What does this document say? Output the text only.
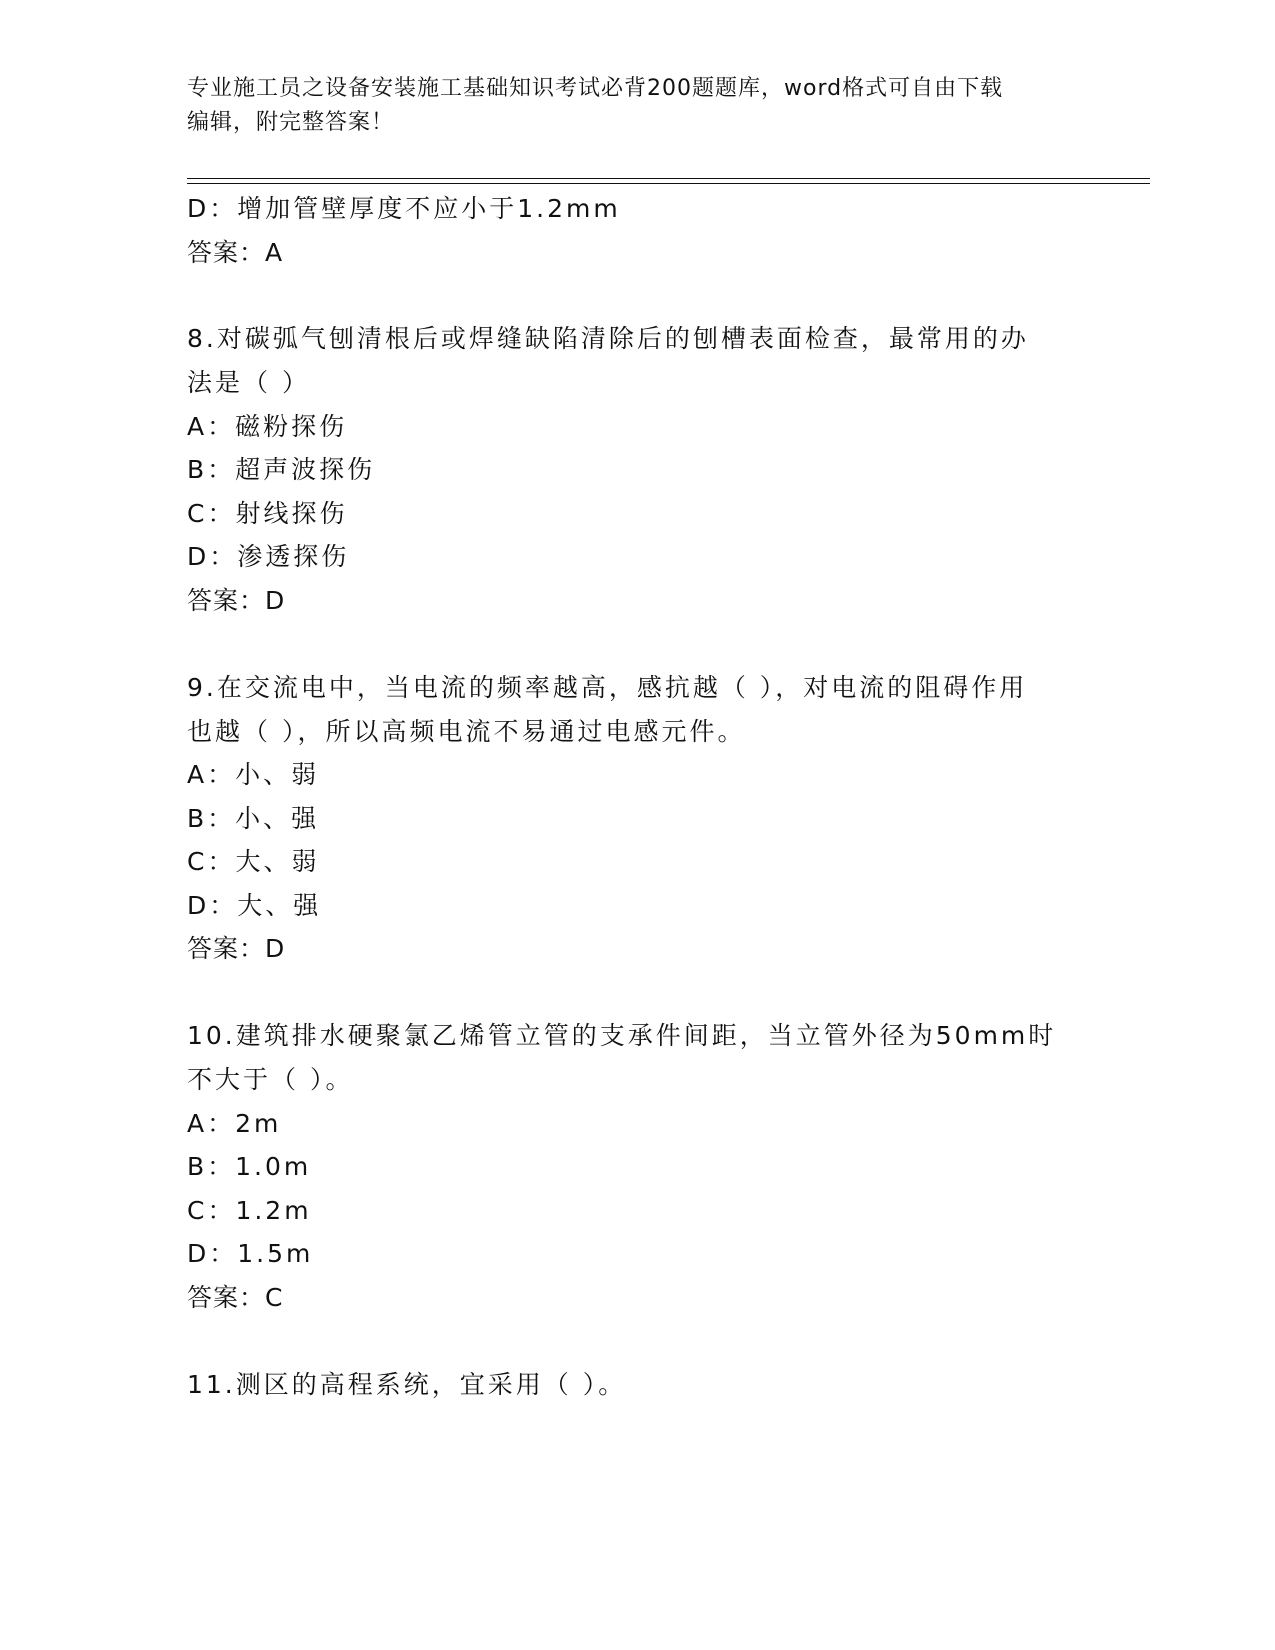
专业施工员之设备安装施工基础知识考试必背200题题库，word格式可自由下载
编辑，附完整答案！
D：增加管壁厚度不应小于1.2mm
答案：A
8.对碳弧气刨清根后或焊缝缺陷清除后的刨槽表面检查，最常用的办
法是（ ）
A：磁粉探伤
B：超声波探伤
C：射线探伤
D：渗透探伤
答案：D
9.在交流电中，当电流的频率越高，感抗越（ ），对电流的阻碍作用
也越（ ），所以高频电流不易通过电感元件。
A：小、弱
B：小、强
C：大、弱
D：大、强
答案：D
10.建筑排水硬聚氯乙烯管立管的支承件间距，当立管外径为50mm时
不大于（ ）。
A：2m
B：1.0m
C：1.2m
D：1.5m
答案：C
11.测区的高程系统，宜采用（ ）。
